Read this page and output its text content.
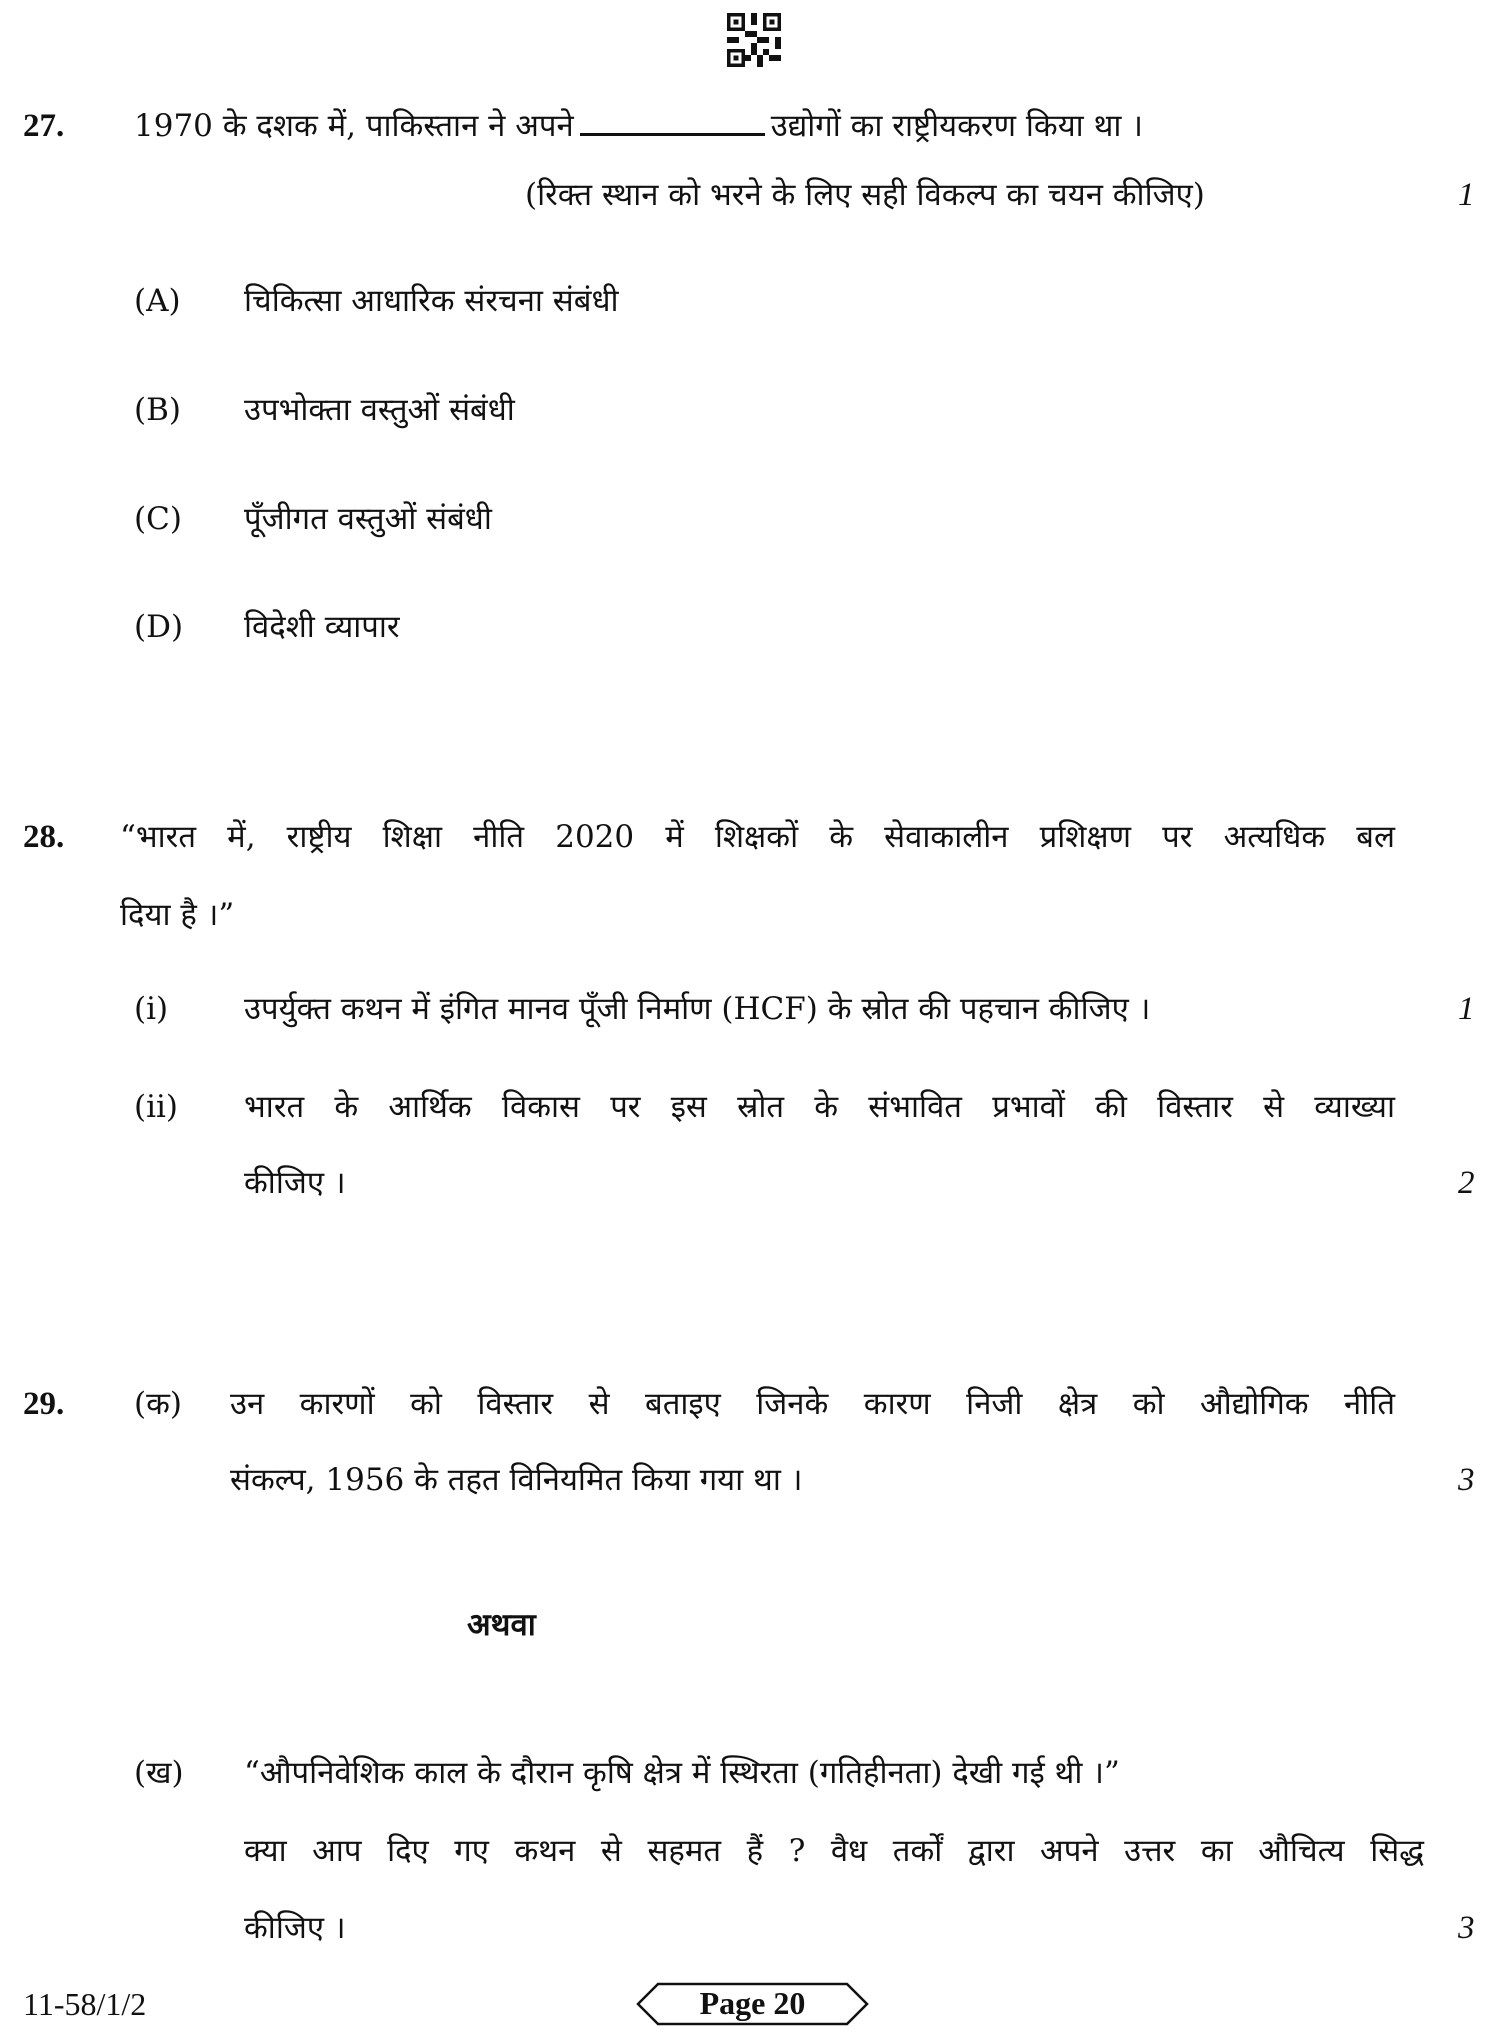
27. 1970 के दशक में, पाकिस्तान ने अपने	उद्योगों का राष्ट्रीयकरण किया था ।
(रिक्त स्थान को भरने के लिए सही विकल्प का चयन कीजिए)	1
(A) चिकित्सा आधारिक संरचना संबंधी
(B) उपभोक्ता वस्तुओं संबंधी
(C) पूँजीगत वस्तुओं संबंधी
(D) विदेशी व्यापार
28. “भारत में, राष्ट्रीय शिक्षा नीति 2020 में शिक्षकों के सेवाकालीन प्रशिक्षण पर अत्यधिक बल
दिया है ।”
(i) उपर्युक्त कथन में इंगित मानव पूँजी निर्माण (HCF) के स्रोत की पहचान कीजिए ।	1
(ii) भारत के आर्थिक विकास पर इस स्रोत के संभावित प्रभावों की विस्तार से व्याख्या
कीजिए ।	2
29. (क) उन कारणों को विस्तार से बताइए जिनके कारण निजी क्षेत्र को औद्योगिक नीति
संकल्प, 1956 के तहत विनियमित किया गया था ।	3
अथवा
(ख) “औपनिवेशिक काल के दौरान कृषि क्षेत्र में स्थिरता (गतिहीनता) देखी गई थी ।”
क्या आप दिए गए कथन से सहमत हैं ? वैध तर्कों द्वारा अपने उत्तर का औचित्य सिद्ध
कीजिए ।	3
11-58/1/2	Page 20
